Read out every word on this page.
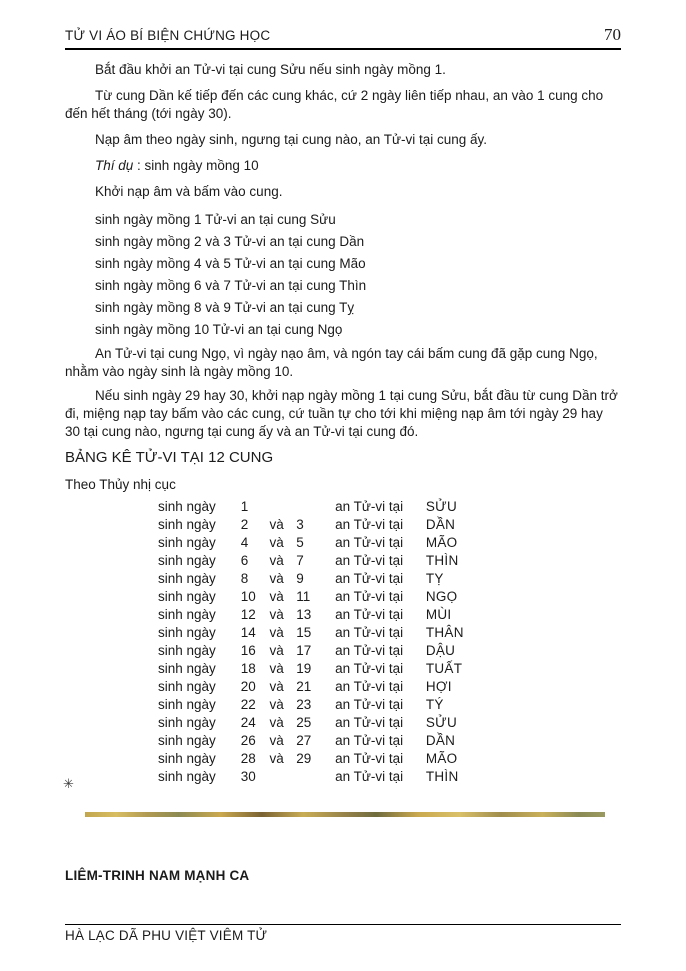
TỬ VI ÁO BÍ BIỆN CHỨNG HỌC	70

Bắt đầu khởi an Tử-vi tại cung Sửu nếu sinh ngày mồng 1.

Từ cung Dần kế tiếp đến các cung khác, cứ 2 ngày liên tiếp nhau, an vào 1 cung cho đến hết tháng (tới ngày 30).

Nạp âm theo ngày sinh, ngưng tại cung nào, an Tử-vi tại cung ấy.

Thí dụ : sinh ngày mồng 10

Khởi nạp âm và bấm vào cung.

sinh ngày mồng 1 Tử-vi an tại cung Sửu
sinh ngày mồng 2 và 3 Tử-vi an tại cung Dần
sinh ngày mồng 4 và 5 Tử-vi an tại cung Mão
sinh ngày mồng 6 và 7 Tử-vi an tại cung Thìn
sinh ngày mồng 8 và 9 Tử-vi an tại cung Tỵ
sinh ngày mồng 10 Tử-vi an tại cung Ngọ

An Tử-vi tại cung Ngọ, vì ngày nạo âm, và ngón tay cái bấm cung đã gặp cung Ngọ, nhằm vào ngày sinh là ngày mồng 10.

Nếu sinh ngày 29 hay 30, khởi nạp ngày mồng 1 tại cung Sửu, bắt đầu từ cung Dần trở đi, miệng nạp tay bấm vào các cung, cứ tuần tự cho tới khi miệng nạp âm tới ngày 29 hay 30 tại cung nào, ngưng tại cung ấy và an Tử-vi tại cung đó.

BẢNG KÊ TỬ-VI TẠI 12 CUNG
Theo Thủy nhị cục
sinh ngày 1	an Tử-vi tại SỬU
sinh ngày 2 và 3 an Tử-vi tại DẦN
sinh ngày 4 và 5 an Tử-vi tại MÃO
sinh ngày 6 và 7 an Tử-vi tại THÌN
sinh ngày 8 và 9 an Tử-vi tại TỴ
sinh ngày 10 và 11 an Tử-vi tại NGỌ
sinh ngày 12 và 13 an Tử-vi tại MÙI
sinh ngày 14 và 15 an Tử-vi tại THÂN
sinh ngày 16 và 17 an Tử-vi tại DẬU
sinh ngày 18 và 19 an Tử-vi tại TUẤT
sinh ngày 20 và 21 an Tử-vi tại HỢI
sinh ngày 22 và 23 an Tử-vi tại TÝ
sinh ngày 24 và 25 an Tử-vi tại SỬU
sinh ngày 26 và 27 an Tử-vi tại DẦN
sinh ngày 28 và 29 an Tử-vi tại MÃO
sinh ngày 30	an Tử-vi tại THÌN
✳
LIÊM-TRINH NAM MẠNH CA
HÀ LẠC DÃ PHU VIỆT VIÊM TỬ
